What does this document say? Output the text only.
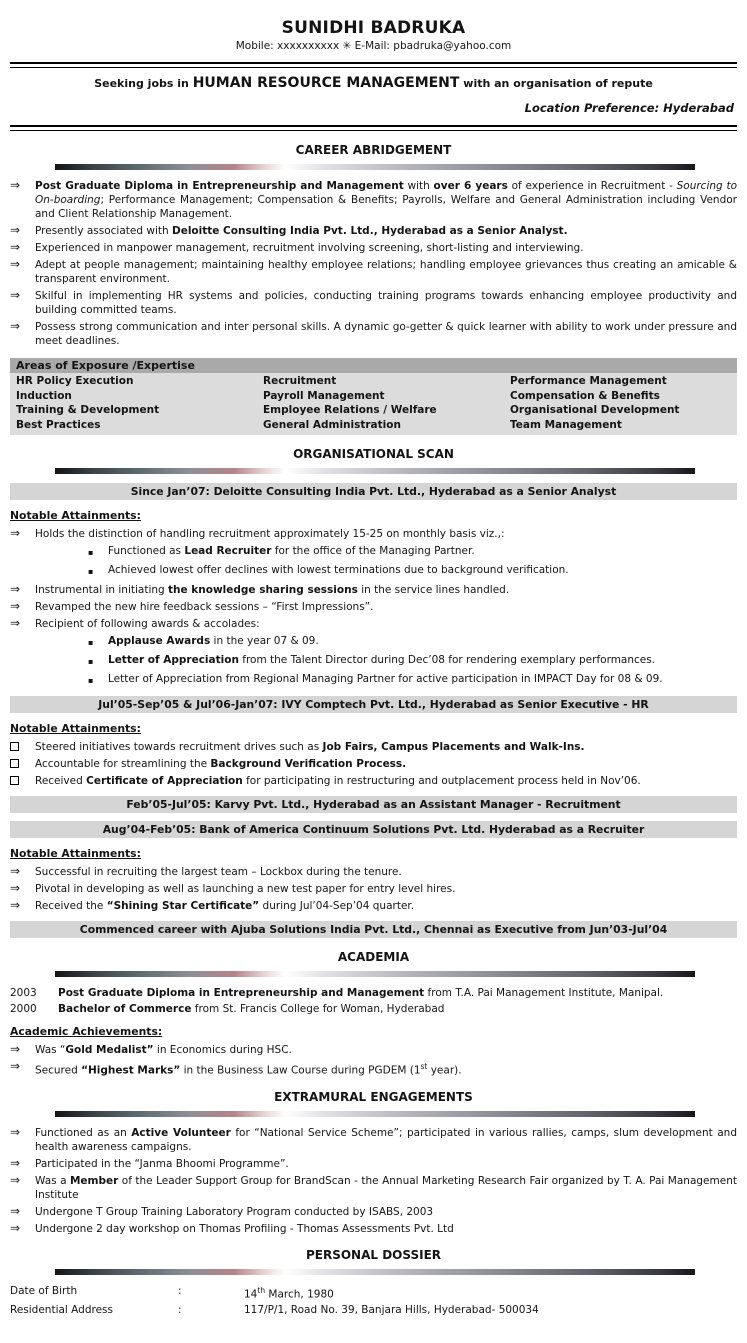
SUNIDHI BADRUKA
Mobile: xxxxxxxxxx ✳ E-Mail: pbadruka@yahoo.com
Seeking jobs in HUMAN RESOURCE MANAGEMENT with an organisation of repute
Location Preference: Hyderabad
CAREER ABRIDGEMENT
⇒	Post Graduate Diploma in Entrepreneurship and Management with over 6 years of experience in Recruitment - Sourcing to On-boarding; Performance Management; Compensation & Benefits; Payrolls, Welfare and General Administration including Vendor and Client Relationship Management.
⇒	Presently associated with Deloitte Consulting India Pvt. Ltd., Hyderabad as a Senior Analyst.
⇒	Experienced in manpower management, recruitment involving screening, short-listing and interviewing.
⇒	Adept at people management; maintaining healthy employee relations; handling employee grievances thus creating an amicable & transparent environment.
⇒	Skilful in implementing HR systems and policies, conducting training programs towards enhancing employee productivity and building committed teams.
⇒	Possess strong communication and inter personal skills. A dynamic go-getter & quick learner with ability to work under pressure and meet deadlines.
Areas of Exposure /Expertise
HR Policy Execution	Recruitment	Performance Management
Induction	Payroll Management	Compensation & Benefits
Training & Development	Employee Relations / Welfare	Organisational Development
Best Practices	General Administration	Team Management
ORGANISATIONAL SCAN
Since Jan’07: Deloitte Consulting India Pvt. Ltd., Hyderabad as a Senior Analyst
Notable Attainments:
⇒	Holds the distinction of handling recruitment approximately 15-25 on monthly basis viz.,:
▪	Functioned as Lead Recruiter for the office of the Managing Partner.
▪	Achieved lowest offer declines with lowest terminations due to background verification.
⇒	Instrumental in initiating the knowledge sharing sessions in the service lines handled.
⇒	Revamped the new hire feedback sessions – “First Impressions”.
⇒	Recipient of following awards & accolades:
▪	Applause Awards in the year 07 & 09.
▪	Letter of Appreciation from the Talent Director during Dec’08 for rendering exemplary performances.
▪	Letter of Appreciation from Regional Managing Partner for active participation in IMPACT Day for 08 & 09.
Jul’05-Sep’05 & Jul’06-Jan’07: IVY Comptech Pvt. Ltd., Hyderabad as Senior Executive - HR
Notable Attainments:
Steered initiatives towards recruitment drives such as Job Fairs, Campus Placements and Walk-Ins.
Accountable for streamlining the Background Verification Process.
Received Certificate of Appreciation for participating in restructuring and outplacement process held in Nov’06.
Feb’05-Jul’05: Karvy Pvt. Ltd., Hyderabad as an Assistant Manager - Recruitment
Aug’04-Feb’05: Bank of America Continuum Solutions Pvt. Ltd. Hyderabad as a Recruiter
Notable Attainments:
⇒	Successful in recruiting the largest team – Lockbox during the tenure.
⇒	Pivotal in developing as well as launching a new test paper for entry level hires.
⇒	Received the “Shining Star Certificate” during Jul’04-Sep’04 quarter.
Commenced career with Ajuba Solutions India Pvt. Ltd., Chennai as Executive from Jun’03-Jul’04
ACADEMIA
2003	Post Graduate Diploma in Entrepreneurship and Management from T.A. Pai Management Institute, Manipal.
2000	Bachelor of Commerce from St. Francis College for Woman, Hyderabad
Academic Achievements:
⇒	Was “Gold Medalist” in Economics during HSC.
⇒	Secured “Highest Marks” in the Business Law Course during PGDEM (1st year).
EXTRAMURAL ENGAGEMENTS
⇒	Functioned as an Active Volunteer for “National Service Scheme”; participated in various rallies, camps, slum development and health awareness campaigns.
⇒	Participated in the “Janma Bhoomi Programme”.
⇒	Was a Member of the Leader Support Group for BrandScan - the Annual Marketing Research Fair organized by T. A. Pai Management Institute
⇒	Undergone T Group Training Laboratory Program conducted by ISABS, 2003
⇒	Undergone 2 day workshop on Thomas Profiling - Thomas Assessments Pvt. Ltd
PERSONAL DOSSIER
Date of Birth	:	14th March, 1980
Residential Address	:	117/P/1, Road No. 39, Banjara Hills, Hyderabad- 500034
